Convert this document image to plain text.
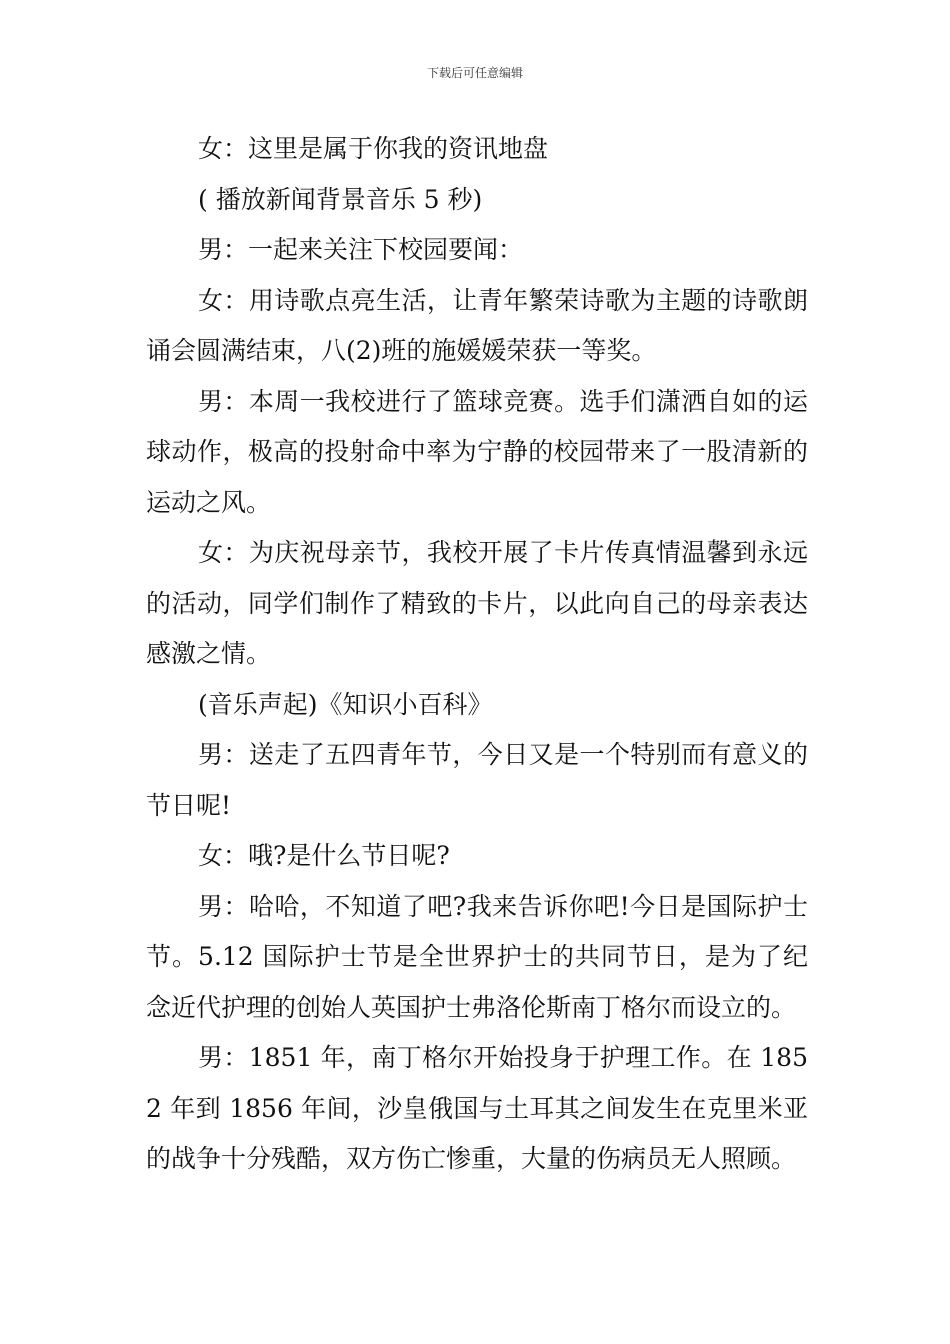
下载后可任意编辑

女：这里是属于你我的资讯地盘

( 播放新闻背景音乐 5 秒)

男：一起来关注下校园要闻：

女：用诗歌点亮生活，让青年繁荣诗歌为主题的诗歌朗诵会圆满结束，八(2)班的施媛媛荣获一等奖。

男：本周一我校进行了篮球竞赛。选手们潇洒自如的运球动作，极高的投射命中率为宁静的校园带来了一股清新的运动之风。

女：为庆祝母亲节，我校开展了卡片传真情温馨到永远的活动，同学们制作了精致的卡片，以此向自己的母亲表达感激之情。

(音乐声起)《知识小百科》

男：送走了五四青年节，今日又是一个特别而有意义的节日呢!

女：哦?是什么节日呢?

男：哈哈，不知道了吧?我来告诉你吧!今日是国际护士节。5.12 国际护士节是全世界护士的共同节日，是为了纪念近代护理的创始人英国护士弗洛伦斯南丁格尔而设立的。

男：1851 年，南丁格尔开始投身于护理工作。在 1852 年到 1856 年间，沙皇俄国与土耳其之间发生在克里米亚的战争十分残酷，双方伤亡惨重，大量的伤病员无人照顾。
